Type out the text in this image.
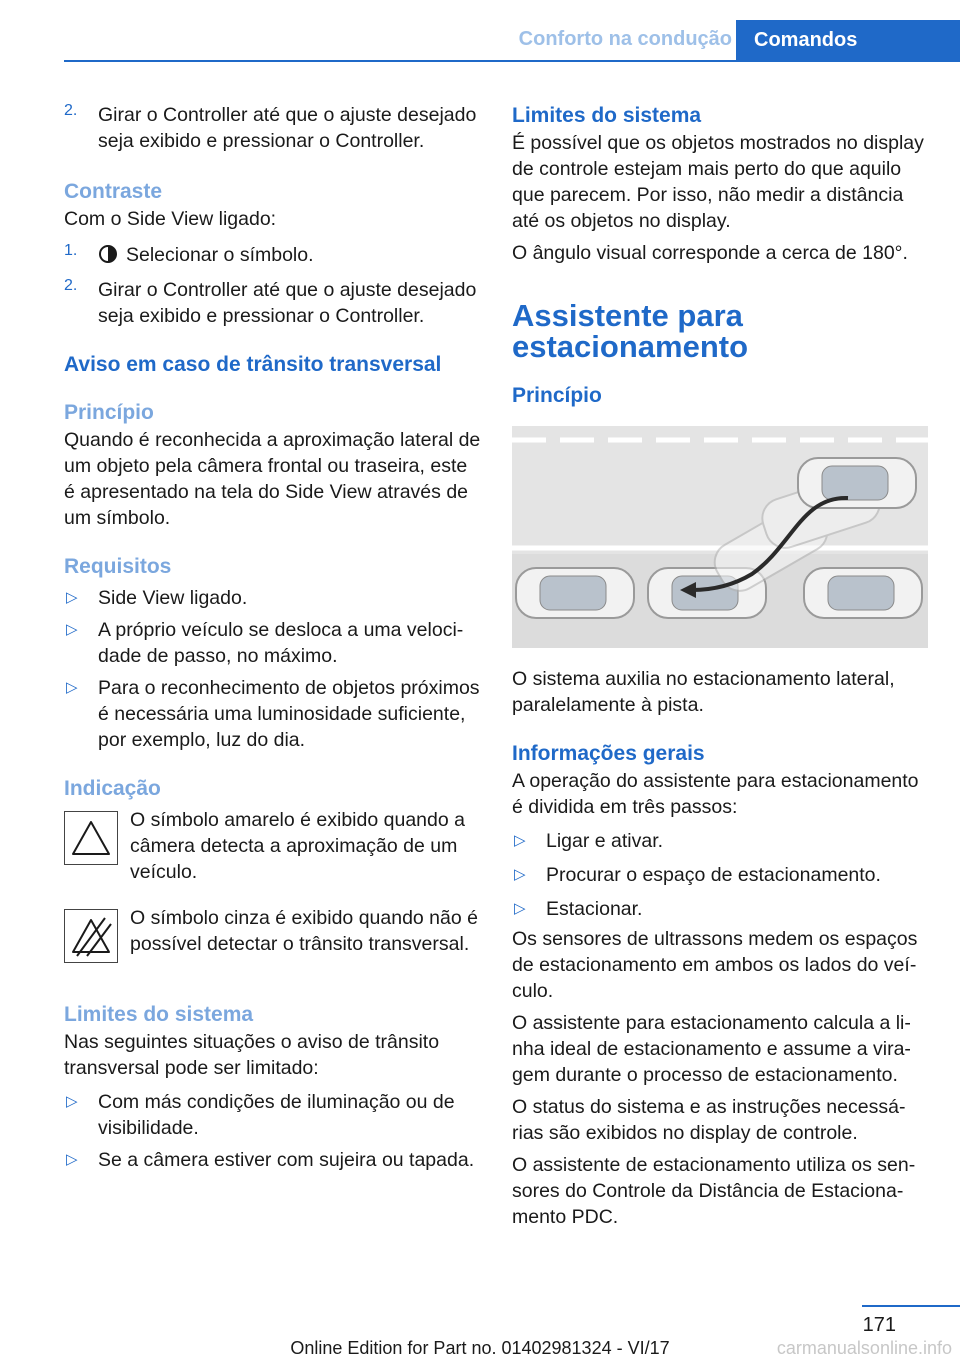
Conforto na condução	Comandos
2. Girar o Controller até que o ajuste desejado seja exibido e pressionar o Controller.

Contraste

Com o Side View ligado:

1.	Selecionar o símbolo.

2. Girar o Controller até que o ajuste desejado seja exibido e pressionar o Controller.

Aviso em caso de trânsito transversal
Princípio

Quando é reconhecida a aproximação lateral de um objeto pela câmera frontal ou traseira, este é apresentado na tela do Side View através de um símbolo.

Requisitos
▷ Side View ligado.
▷ A próprio veículo se desloca a uma velocidade de passo, no máximo.
▷ Para o reconhecimento de objetos próximos é necessária uma luminosidade suficiente, por exemplo, luz do dia.
Indicação

O símbolo amarelo é exibido quando a câmera detecta a aproximação de um veículo.

O símbolo cinza é exibido quando não é possível detectar o trânsito transversal.

Limites do sistema

Nas seguintes situações o aviso de trânsito transversal pode ser limitado:

▷ Com más condições de iluminação ou de visibilidade.
▷ Se a câmera estiver com sujeira ou tapada.
Limites do sistema

É possível que os objetos mostrados no display de controle estejam mais perto do que aquilo que parecem. Por isso, não medir a distância até os objetos no display.

O ângulo visual corresponde a cerca de 180°.

Assistente para estacionamento
Princípio

O sistema auxilia no estacionamento lateral, paralelamente à pista.

Informações gerais

A operação do assistente para estacionamento é dividida em três passos:

▷ Ligar e ativar.
▷ Procurar o espaço de estacionamento.
▷ Estacionar.

Os sensores de ultrassons medem os espaços de estacionamento em ambos os lados do veículo.

O assistente para estacionamento calcula a linha ideal de estacionamento e assume a viragem durante o processo de estacionamento.

O status do sistema e as instruções necessárias são exibidos no display de controle.

O assistente de estacionamento utiliza os sensores do Controle da Distância de Estacionamento PDC.

171
Online Edition for Part no. 01402981324 - VI/17	carmanualsonline.info
